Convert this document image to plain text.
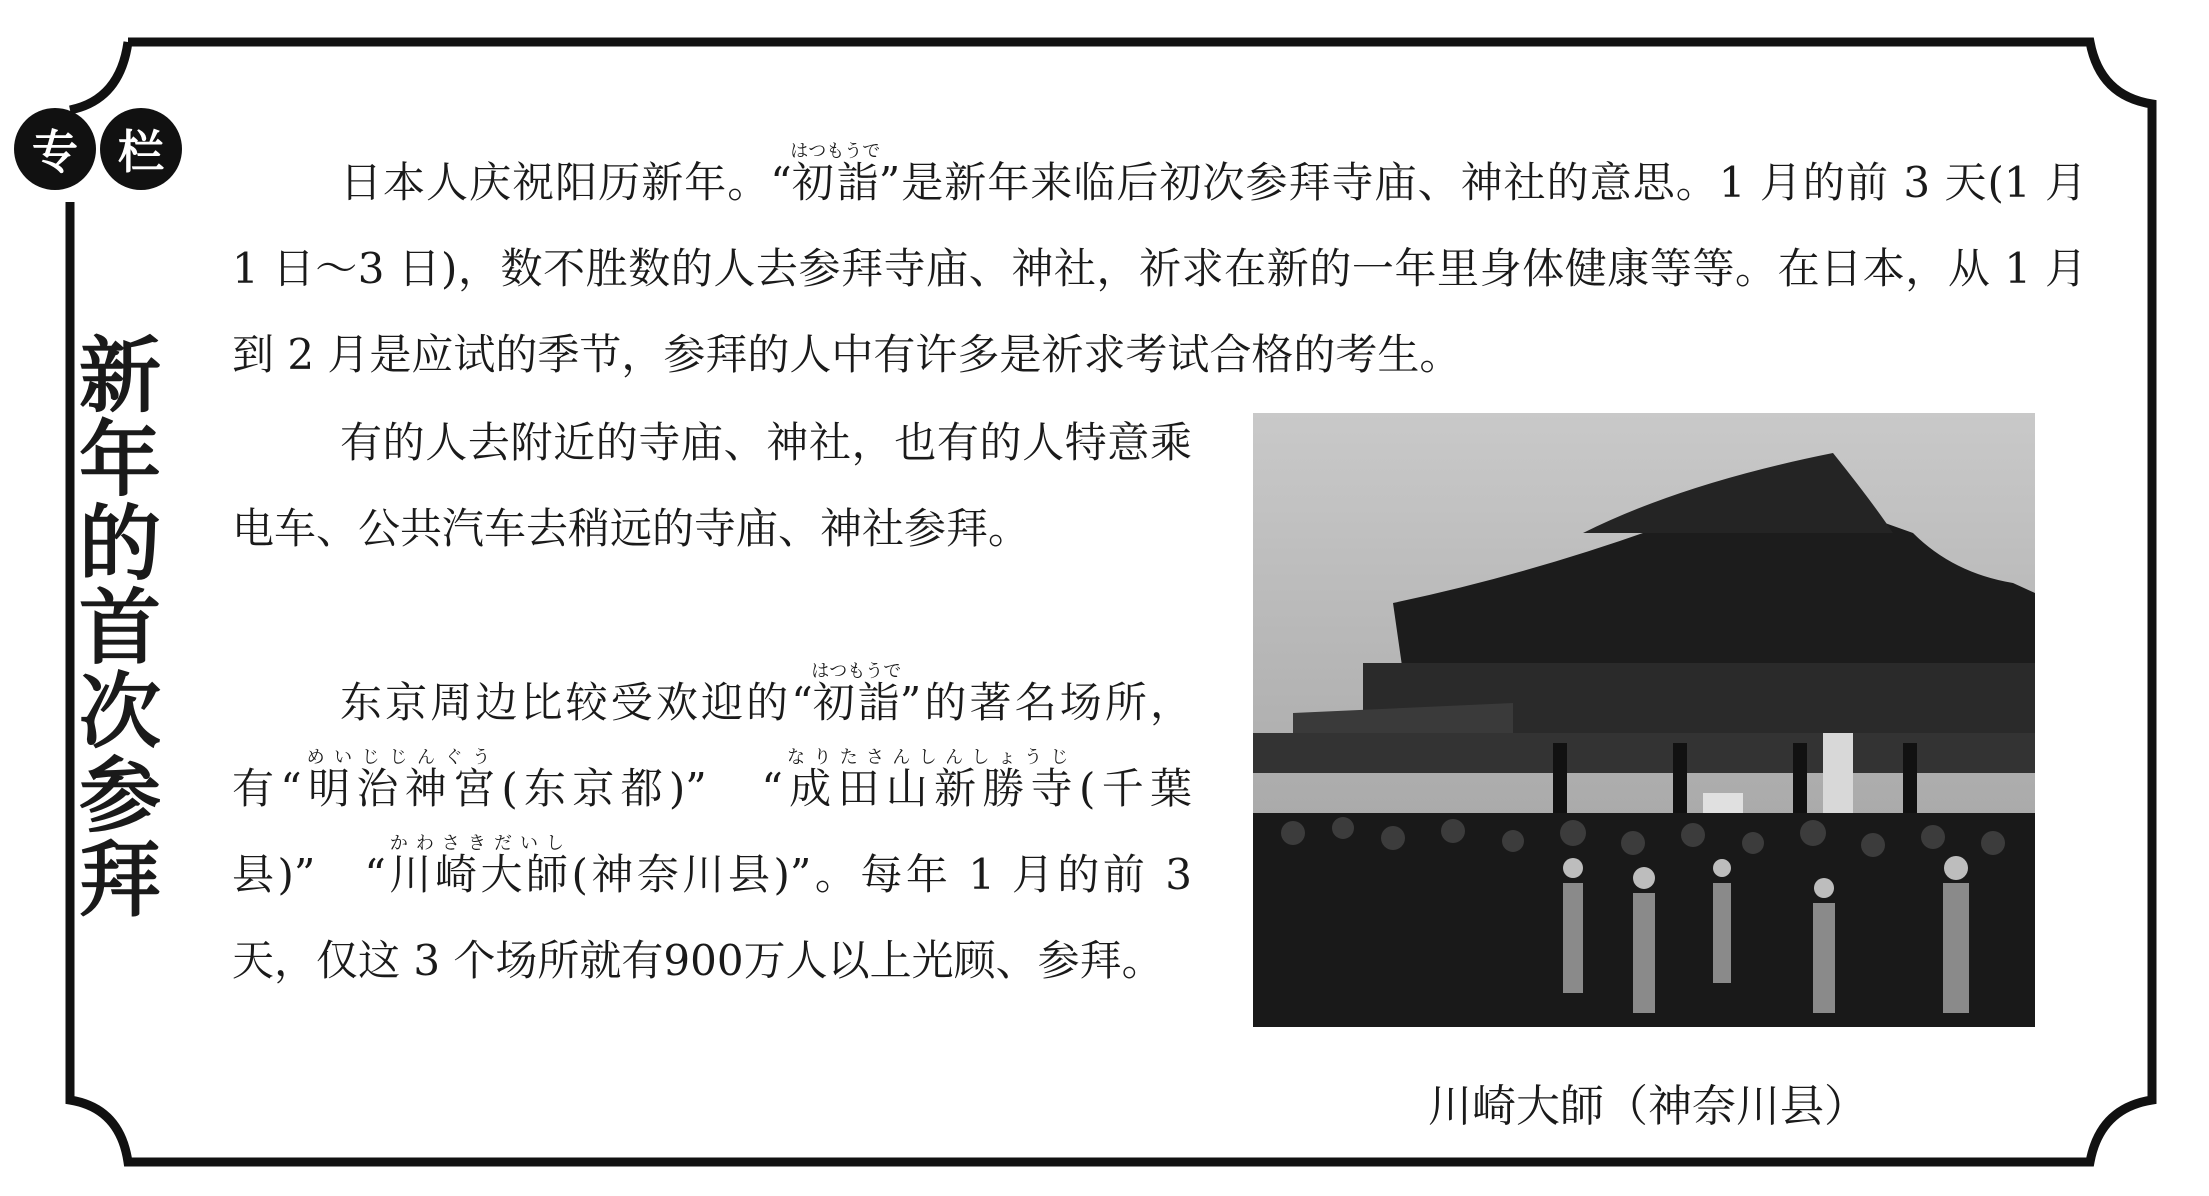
专 栏
新
年
的
首
次
参
拜

日本人庆祝阳历新年。“初詣はつもうで”是新年来临后初次参拜寺庙、神社的意思。1 月的前 3 天(1 月 1 日～3 日)，数不胜数的人去参拜寺庙、神社，祈求在新的一年里身体健康等等。在日本，从 1 月到 2 月是应试的季节，参拜的人中有许多是祈求考试合格的考生。

有的人去附近的寺庙、神社，也有的人特意乘电车、公共汽车去稍远的寺庙、神社参拜。

东京周边比较受欢迎的“初詣はつもうで”的著名场所，有“明治神宮めいじじんぐう(东京都)”　“成田山新勝寺なりたさんしんしょうじ(千葉县)”　“川崎大師かわさきだいし(神奈川县)”。每年 1 月的前 3 天，仅这 3 个场所就有900万人以上光顾、参拜。

川崎大師（神奈川县）
